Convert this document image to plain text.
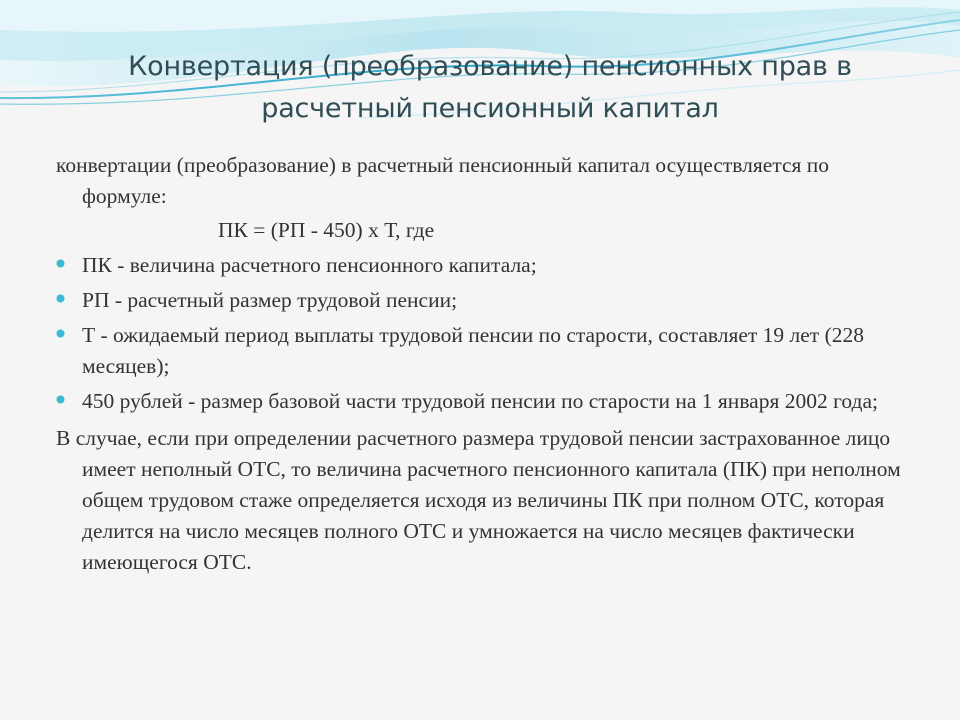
Конвертация (преобразование) пенсионных прав в расчетный пенсионный капитал

конвертации (преобразование) в расчетный пенсионный капитал осуществляется по формуле:

ПК = (РП - 450) х Т, где

ПК - величина расчетного пенсионного капитала;
РП - расчетный размер трудовой пенсии;
Т - ожидаемый период выплаты трудовой пенсии по старости, составляет 19 лет (228 месяцев);
450 рублей - размер базовой части трудовой пенсии по старости на 1 января 2002 года;

В случае, если при определении расчетного размера трудовой пенсии застрахованное лицо имеет неполный ОТС, то величина расчетного пенсионного капитала (ПК) при неполном общем трудовом стаже определяется исходя из величины ПК при полном ОТС, которая делится на число месяцев полного ОТС и умножается на число месяцев фактически имеющегося ОТС.
